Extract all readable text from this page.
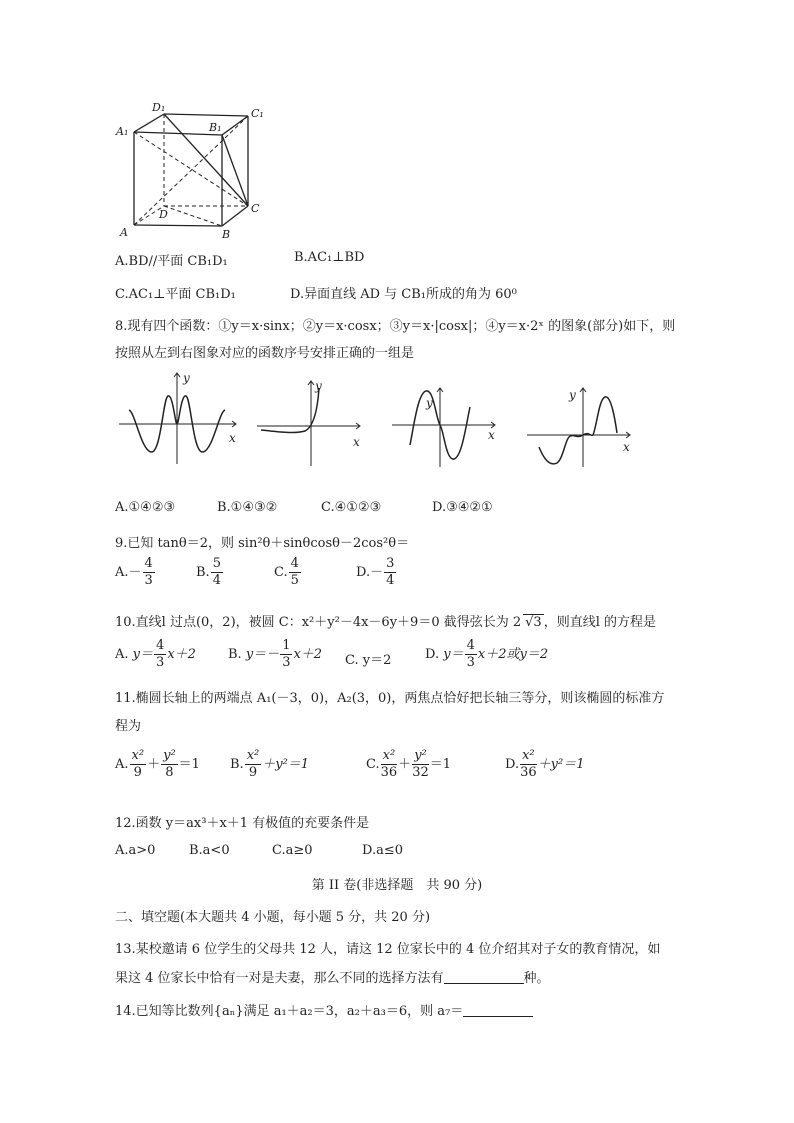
D₁
A₁	B₁
C₁
A	B
C
D
A.BD//平面 CB₁D₁	B.AC₁⊥BD
C.AC₁⊥平面 CB₁D₁	D.异面直线 AD 与 CB₁所成的角为 60⁰
8.现有四个函数：①y＝x·sinx；②y＝x·cosx；③y＝x·|cosx|；④y＝x·2ˣ 的图象(部分)如下，则
按照从左到右图象对应的函数序号安排正确的一组是
x
y
x
y
x
y
x
y
A.①④②③	B.①④③②	C.④①②③	D.③④②①
9.已知 tanθ＝2，则 sin²θ＋sinθcosθ－2cos²θ＝
$A.- \frac{4}{3}$	B. $\frac{5}{4}$	C. $\frac{4}{5}$	$D.- \frac{3}{4}$
10.直线l 过点(0，2)，被圆 C：x²＋y²－4x－6y＋9＝0 截得弦长为 2 √3 ，则直线l 的方程是
A. $y= \frac{4}{3} x+2$ B. $y=- \frac{1}{3} x+2$ C. y＝2	D. $y= \frac{4}{3} x+2$或y＝2
11.椭圆长轴上的两端点 A₁(－3，0)，A₂(3，0)，两焦点恰好把长轴三等分，则该椭圆的标准方
程为
A. $\frac{\text{x²}}{9} + \frac{\text{y²}}{8} =1$ B. $\frac{\text{x²}}{9} +y^2=1$	C. $\frac{\text{x²}}{36} + \frac{\text{y²}}{32} =1$	D. $\frac{\text{x²}}{36} +y^2=1$
12.函数 y＝ax³＋x＋1 有极值的充要条件是
A.a>0	B.a<0	C.a≥0	D.a≤0
第 II 卷(非选择题　共 90 分)
二、填空题(本大题共 4 小题，每小题 5 分，共 20 分)
13.某校邀请 6 位学生的父母共 12 人，请这 12 位家长中的 4 位介绍其对子女的教育情况，如
果这 4 位家长中恰有一对是夫妻，那么不同的选择方法有	种。
14.已知等比数列{aₙ}满足 a₁＋a₂＝3，a₂＋a₃＝6，则 a₇＝
